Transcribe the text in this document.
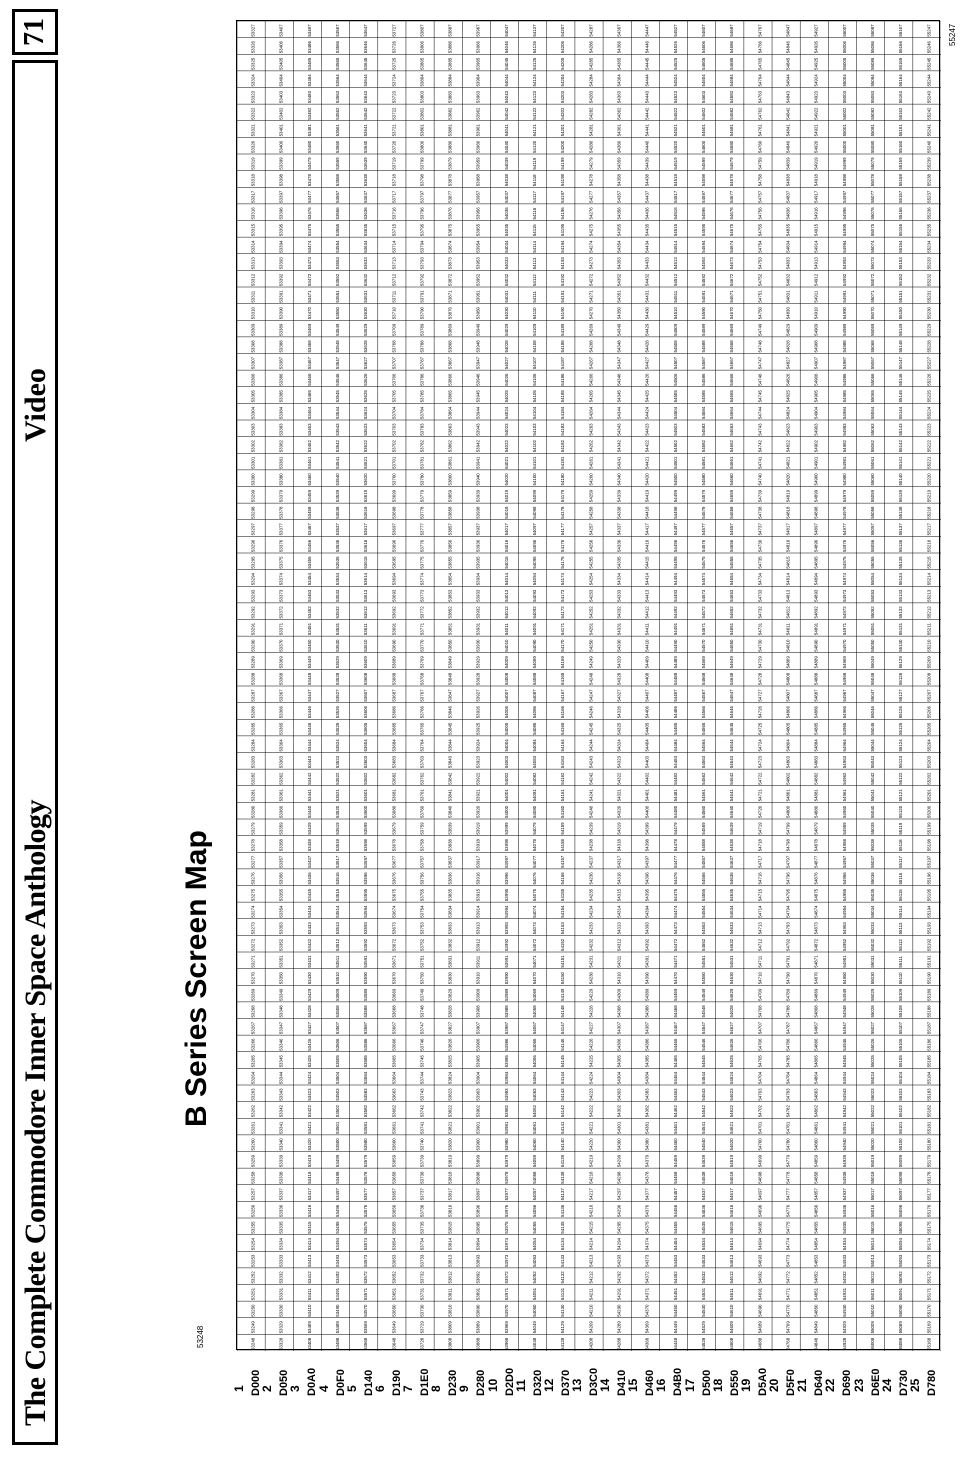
The Complete Commodore Inner Space Anthology
Video
71
B Series Screen Map
53248
55247
1 D000
2 D050
3 D0A0
4 D0F0
5 D140
6 D190
7 D1E0
8 D230
9 D280
10 D2D0
11 D320
12 D370
13 D3C0
14 D410
15 D460
16 D4B0
17 D500
18 D550
19 D5A0
20 D5F0
21 D640
22 D690
23 D6E0
24 D730
25 D780
53248
53249
53250
53251
53252
53253
53254
53255
53256
53257
53258
53259
53260
53261
53262
53263
53264
53265
53266
53267
53268
53269
53270
53271
53272
53273
53274
53275
53276
53277
53278
53279
53280
53281
53282
53283
53284
53285
53286
53287
53288
53289
53290
53291
53292
53293
53294
53295
53296
53297
53298
53299
53300
53301
53302
53303
53304
53305
53306
53307
53308
53309
53310
53311
53312
53313
53314
53315
53316
53317
53318
53319
53320
53321
53322
53323
53324
53325
53326
53327
53328
53329
53330
53331
53332
53333
53334
53335
53336
53337
53338
53339
53340
53341
53342
53343
53344
53345
53346
53347
53348
53349
53350
53351
53352
53353
53354
53355
53356
53357
53358
53359
53360
53361
53362
53363
53364
53365
53366
53367
53368
53369
53370
53371
53372
53373
53374
53375
53376
53377
53378
53379
53380
53381
53382
53383
53384
53385
53386
53387
53388
53389
53390
53391
53392
53393
53394
53395
53396
53397
53398
53399
53400
53401
53402
53403
53404
53405
53406
53407
53408
53409
53410
53411
53412
53413
53414
53415
53416
53417
53418
53419
53420
53421
53422
53423
53424
53425
53426
53427
53428
53429
53430
53431
53432
53433
53434
53435
53436
53437
53438
53439
53440
53441
53442
53443
53444
53445
53446
53447
53448
53449
53450
53451
53452
53453
53454
53455
53456
53457
53458
53459
53460
53461
53462
53463
53464
53465
53466
53467
53468
53469
53470
53471
53472
53473
53474
53475
53476
53477
53478
53479
53480
53481
53482
53483
53484
53485
53486
53487
53488
53489
53490
53491
53492
53493
53494
53495
53496
53497
53498
53499
53500
53501
53502
53503
53504
53505
53506
53507
53508
53509
53510
53511
53512
53513
53514
53515
53516
53517
53518
53519
53520
53521
53522
53523
53524
53525
53526
53527
53528
53529
53530
53531
53532
53533
53534
53535
53536
53537
53538
53539
53540
53541
53542
53543
53544
53545
53546
53547
53548
53549
53550
53551
53552
53553
53554
53555
53556
53557
53558
53559
53560
53561
53562
53563
53564
53565
53566
53567
53568
53569
53570
53571
53572
53573
53574
53575
53576
53577
53578
53579
53580
53581
53582
53583
53584
53585
53586
53587
53588
53589
53590
53591
53592
53593
53594
53595
53596
53597
53598
53599
53600
53601
53602
53603
53604
53605
53606
53607
53608
53609
53610
53611
53612
53613
53614
53615
53616
53617
53618
53619
53620
53621
53622
53623
53624
53625
53626
53627
53628
53629
53630
53631
53632
53633
53634
53635
53636
53637
53638
53639
53640
53641
53642
53643
53644
53645
53646
53647
53648
53649
53650
53651
53652
53653
53654
53655
53656
53657
53658
53659
53660
53661
53662
53663
53664
53665
53666
53667
53668
53669
53670
53671
53672
53673
53674
53675
53676
53677
53678
53679
53680
53681
53682
53683
53684
53685
53686
53687
53688
53689
53690
53691
53692
53693
53694
53695
53696
53697
53698
53699
53700
53701
53702
53703
53704
53705
53706
53707
53708
53709
53710
53711
53712
53713
53714
53715
53716
53717
53718
53719
53720
53721
53722
53723
53724
53725
53726
53727
53728
53729
53730
53731
53732
53733
53734
53735
53736
53737
53738
53739
53740
53741
53742
53743
53744
53745
53746
53747
53748
53749
53750
53751
53752
53753
53754
53755
53756
53757
53758
53759
53760
53761
53762
53763
53764
53765
53766
53767
53768
53769
53770
53771
53772
53773
53774
53775
53776
53777
53778
53779
53780
53781
53782
53783
53784
53785
53786
53787
53788
53789
53790
53791
53792
53793
53794
53795
53796
53797
53798
53799
53800
53801
53802
53803
53804
53805
53806
53807
53808
53809
53810
53811
53812
53813
53814
53815
53816
53817
53818
53819
53820
53821
53822
53823
53824
53825
53826
53827
53828
53829
53830
53831
53832
53833
53834
53835
53836
53837
53838
53839
53840
53841
53842
53843
53844
53845
53846
53847
53848
53849
53850
53851
53852
53853
53854
53855
53856
53857
53858
53859
53860
53861
53862
53863
53864
53865
53866
53867
53868
53869
53870
53871
53872
53873
53874
53875
53876
53877
53878
53879
53880
53881
53882
53883
53884
53885
53886
53887
53888
53889
53890
53891
53892
53893
53894
53895
53896
53897
53898
53899
53900
53901
53902
53903
53904
53905
53906
53907
53908
53909
53910
53911
53912
53913
53914
53915
53916
53917
53918
53919
53920
53921
53922
53923
53924
53925
53926
53927
53928
53929
53930
53931
53932
53933
53934
53935
53936
53937
53938
53939
53940
53941
53942
53943
53944
53945
53946
53947
53948
53949
53950
53951
53952
53953
53954
53955
53956
53957
53958
53959
53960
53961
53962
53963
53964
53965
53966
53967
53968
53969
53970
53971
53972
53973
53974
53975
53976
53977
53978
53979
53980
53981
53982
53983
53984
53985
53986
53987
53988
53989
53990
53991
53992
53993
53994
53995
53996
53997
53998
53999
54000
54001
54002
54003
54004
54005
54006
54007
54008
54009
54010
54011
54012
54013
54014
54015
54016
54017
54018
54019
54020
54021
54022
54023
54024
54025
54026
54027
54028
54029
54030
54031
54032
54033
54034
54035
54036
54037
54038
54039
54040
54041
54042
54043
54044
54045
54046
54047
54048
54049
54050
54051
54052
54053
54054
54055
54056
54057
54058
54059
54060
54061
54062
54063
54064
54065
54066
54067
54068
54069
54070
54071
54072
54073
54074
54075
54076
54077
54078
54079
54080
54081
54082
54083
54084
54085
54086
54087
54088
54089
54090
54091
54092
54093
54094
54095
54096
54097
54098
54099
54100
54101
54102
54103
54104
54105
54106
54107
54108
54109
54110
54111
54112
54113
54114
54115
54116
54117
54118
54119
54120
54121
54122
54123
54124
54125
54126
54127
54128
54129
54130
54131
54132
54133
54134
54135
54136
54137
54138
54139
54140
54141
54142
54143
54144
54145
54146
54147
54148
54149
54150
54151
54152
54153
54154
54155
54156
54157
54158
54159
54160
54161
54162
54163
54164
54165
54166
54167
54168
54169
54170
54171
54172
54173
54174
54175
54176
54177
54178
54179
54180
54181
54182
54183
54184
54185
54186
54187
54188
54189
54190
54191
54192
54193
54194
54195
54196
54197
54198
54199
54200
54201
54202
54203
54204
54205
54206
54207
54208
54209
54210
54211
54212
54213
54214
54215
54216
54217
54218
54219
54220
54221
54222
54223
54224
54225
54226
54227
54228
54229
54230
54231
54232
54233
54234
54235
54236
54237
54238
54239
54240
54241
54242
54243
54244
54245
54246
54247
54248
54249
54250
54251
54252
54253
54254
54255
54256
54257
54258
54259
54260
54261
54262
54263
54264
54265
54266
54267
54268
54269
54270
54271
54272
54273
54274
54275
54276
54277
54278
54279
54280
54281
54282
54283
54284
54285
54286
54287
54288
54289
54290
54291
54292
54293
54294
54295
54296
54297
54298
54299
54300
54301
54302
54303
54304
54305
54306
54307
54308
54309
54310
54311
54312
54313
54314
54315
54316
54317
54318
54319
54320
54321
54322
54323
54324
54325
54326
54327
54328
54329
54330
54331
54332
54333
54334
54335
54336
54337
54338
54339
54340
54341
54342
54343
54344
54345
54346
54347
54348
54349
54350
54351
54352
54353
54354
54355
54356
54357
54358
54359
54360
54361
54362
54363
54364
54365
54366
54367
54368
54369
54370
54371
54372
54373
54374
54375
54376
54377
54378
54379
54380
54381
54382
54383
54384
54385
54386
54387
54388
54389
54390
54391
54392
54393
54394
54395
54396
54397
54398
54399
54400
54401
54402
54403
54404
54405
54406
54407
54408
54409
54410
54411
54412
54413
54414
54415
54416
54417
54418
54419
54420
54421
54422
54423
54424
54425
54426
54427
54428
54429
54430
54431
54432
54433
54434
54435
54436
54437
54438
54439
54440
54441
54442
54443
54444
54445
54446
54447
54448
54449
54450
54451
54452
54453
54454
54455
54456
54457
54458
54459
54460
54461
54462
54463
54464
54465
54466
54467
54468
54469
54470
54471
54472
54473
54474
54475
54476
54477
54478
54479
54480
54481
54482
54483
54484
54485
54486
54487
54488
54489
54490
54491
54492
54493
54494
54495
54496
54497
54498
54499
54500
54501
54502
54503
54504
54505
54506
54507
54508
54509
54510
54511
54512
54513
54514
54515
54516
54517
54518
54519
54520
54521
54522
54523
54524
54525
54526
54527
54528
54529
54530
54531
54532
54533
54534
54535
54536
54537
54538
54539
54540
54541
54542
54543
54544
54545
54546
54547
54548
54549
54550
54551
54552
54553
54554
54555
54556
54557
54558
54559
54560
54561
54562
54563
54564
54565
54566
54567
54568
54569
54570
54571
54572
54573
54574
54575
54576
54577
54578
54579
54580
54581
54582
54583
54584
54585
54586
54587
54588
54589
54590
54591
54592
54593
54594
54595
54596
54597
54598
54599
54600
54601
54602
54603
54604
54605
54606
54607
54608
54609
54610
54611
54612
54613
54614
54615
54616
54617
54618
54619
54620
54621
54622
54623
54624
54625
54626
54627
54628
54629
54630
54631
54632
54633
54634
54635
54636
54637
54638
54639
54640
54641
54642
54643
54644
54645
54646
54647
54648
54649
54650
54651
54652
54653
54654
54655
54656
54657
54658
54659
54660
54661
54662
54663
54664
54665
54666
54667
54668
54669
54670
54671
54672
54673
54674
54675
54676
54677
54678
54679
54680
54681
54682
54683
54684
54685
54686
54687
54688
54689
54690
54691
54692
54693
54694
54695
54696
54697
54698
54699
54700
54701
54702
54703
54704
54705
54706
54707
54708
54709
54710
54711
54712
54713
54714
54715
54716
54717
54718
54719
54720
54721
54722
54723
54724
54725
54726
54727
54728
54729
54730
54731
54732
54733
54734
54735
54736
54737
54738
54739
54740
54741
54742
54743
54744
54745
54746
54747
54748
54749
54750
54751
54752
54753
54754
54755
54756
54757
54758
54759
54760
54761
54762
54763
54764
54765
54766
54767
54768
54769
54770
54771
54772
54773
54774
54775
54776
54777
54778
54779
54780
54781
54782
54783
54784
54785
54786
54787
54788
54789
54790
54791
54792
54793
54794
54795
54796
54797
54798
54799
54800
54801
54802
54803
54804
54805
54806
54807
54808
54809
54810
54811
54812
54813
54814
54815
54816
54817
54818
54819
54820
54821
54822
54823
54824
54825
54826
54827
54828
54829
54830
54831
54832
54833
54834
54835
54836
54837
54838
54839
54840
54841
54842
54843
54844
54845
54846
54847
54848
54849
54850
54851
54852
54853
54854
54855
54856
54857
54858
54859
54860
54861
54862
54863
54864
54865
54866
54867
54868
54869
54870
54871
54872
54873
54874
54875
54876
54877
54878
54879
54880
54881
54882
54883
54884
54885
54886
54887
54888
54889
54890
54891
54892
54893
54894
54895
54896
54897
54898
54899
54900
54901
54902
54903
54904
54905
54906
54907
54908
54909
54910
54911
54912
54913
54914
54915
54916
54917
54918
54919
54920
54921
54922
54923
54924
54925
54926
54927
54928
54929
54930
54931
54932
54933
54934
54935
54936
54937
54938
54939
54940
54941
54942
54943
54944
54945
54946
54947
54948
54949
54950
54951
54952
54953
54954
54955
54956
54957
54958
54959
54960
54961
54962
54963
54964
54965
54966
54967
54968
54969
54970
54971
54972
54973
54974
54975
54976
54977
54978
54979
54980
54981
54982
54983
54984
54985
54986
54987
54988
54989
54990
54991
54992
54993
54994
54995
54996
54997
54998
54999
55000
55001
55002
55003
55004
55005
55006
55007
55008
55009
55010
55011
55012
55013
55014
55015
55016
55017
55018
55019
55020
55021
55022
55023
55024
55025
55026
55027
55028
55029
55030
55031
55032
55033
55034
55035
55036
55037
55038
55039
55040
55041
55042
55043
55044
55045
55046
55047
55048
55049
55050
55051
55052
55053
55054
55055
55056
55057
55058
55059
55060
55061
55062
55063
55064
55065
55066
55067
55068
55069
55070
55071
55072
55073
55074
55075
55076
55077
55078
55079
55080
55081
55082
55083
55084
55085
55086
55087
55088
55089
55090
55091
55092
55093
55094
55095
55096
55097
55098
55099
55100
55101
55102
55103
55104
55105
55106
55107
55108
55109
55110
55111
55112
55113
55114
55115
55116
55117
55118
55119
55120
55121
55122
55123
55124
55125
55126
55127
55128
55129
55130
55131
55132
55133
55134
55135
55136
55137
55138
55139
55140
55141
55142
55143
55144
55145
55146
55147
55148
55149
55150
55151
55152
55153
55154
55155
55156
55157
55158
55159
55160
55161
55162
55163
55164
55165
55166
55167
55168
55169
55170
55171
55172
55173
55174
55175
55176
55177
55178
55179
55180
55181
55182
55183
55184
55185
55186
55187
55188
55189
55190
55191
55192
55193
55194
55195
55196
55197
55198
55199
55200
55201
55202
55203
55204
55205
55206
55207
55208
55209
55210
55211
55212
55213
55214
55215
55216
55217
55218
55219
55220
55221
55222
55223
55224
55225
55226
55227
55228
55229
55230
55231
55232
55233
55234
55235
55236
55237
55238
55239
55240
55241
55242
55243
55244
55245
55246
55247
